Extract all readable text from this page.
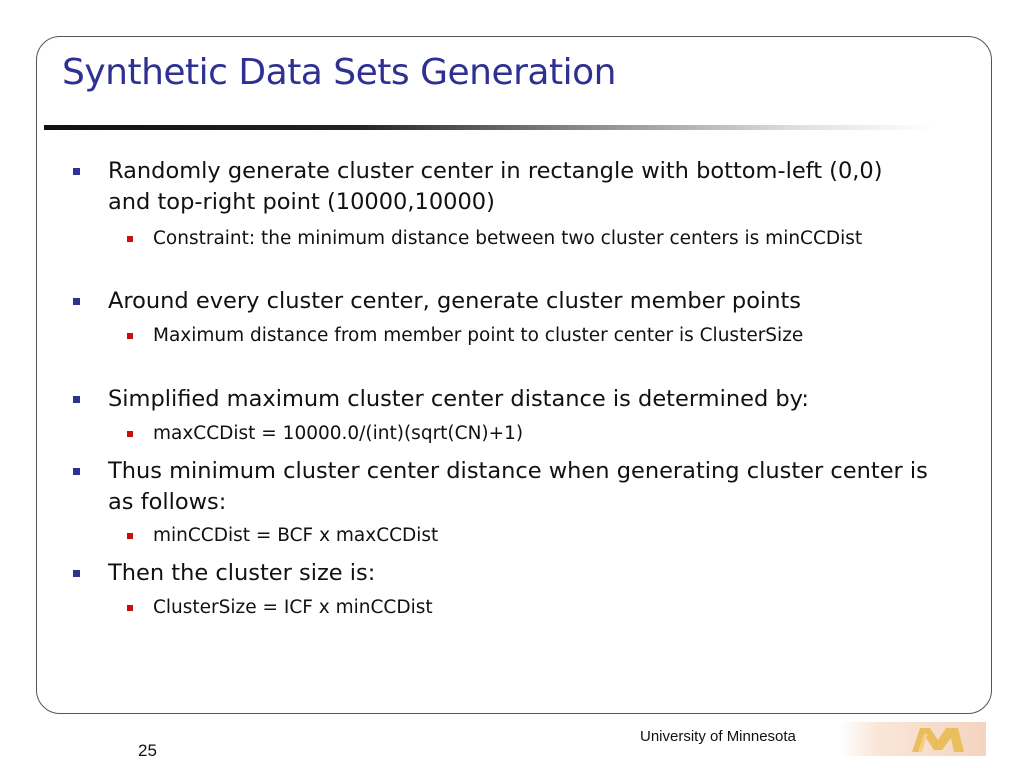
Synthetic Data Sets Generation
Randomly generate cluster center in rectangle with bottom-left (0,0) and top-right point (10000,10000)
Constraint: the minimum distance between two cluster centers is minCCDist
Around every cluster center, generate cluster member points
Maximum distance from member point to cluster center is ClusterSize
Simplified maximum cluster center distance is determined by:
maxCCDist = 10000.0/(int)(sqrt(CN)+1)
Thus minimum cluster center distance when generating cluster center is as follows:
minCCDist = BCF x maxCCDist
Then the cluster size is:
ClusterSize = ICF x minCCDist
University of Minnesota
25
